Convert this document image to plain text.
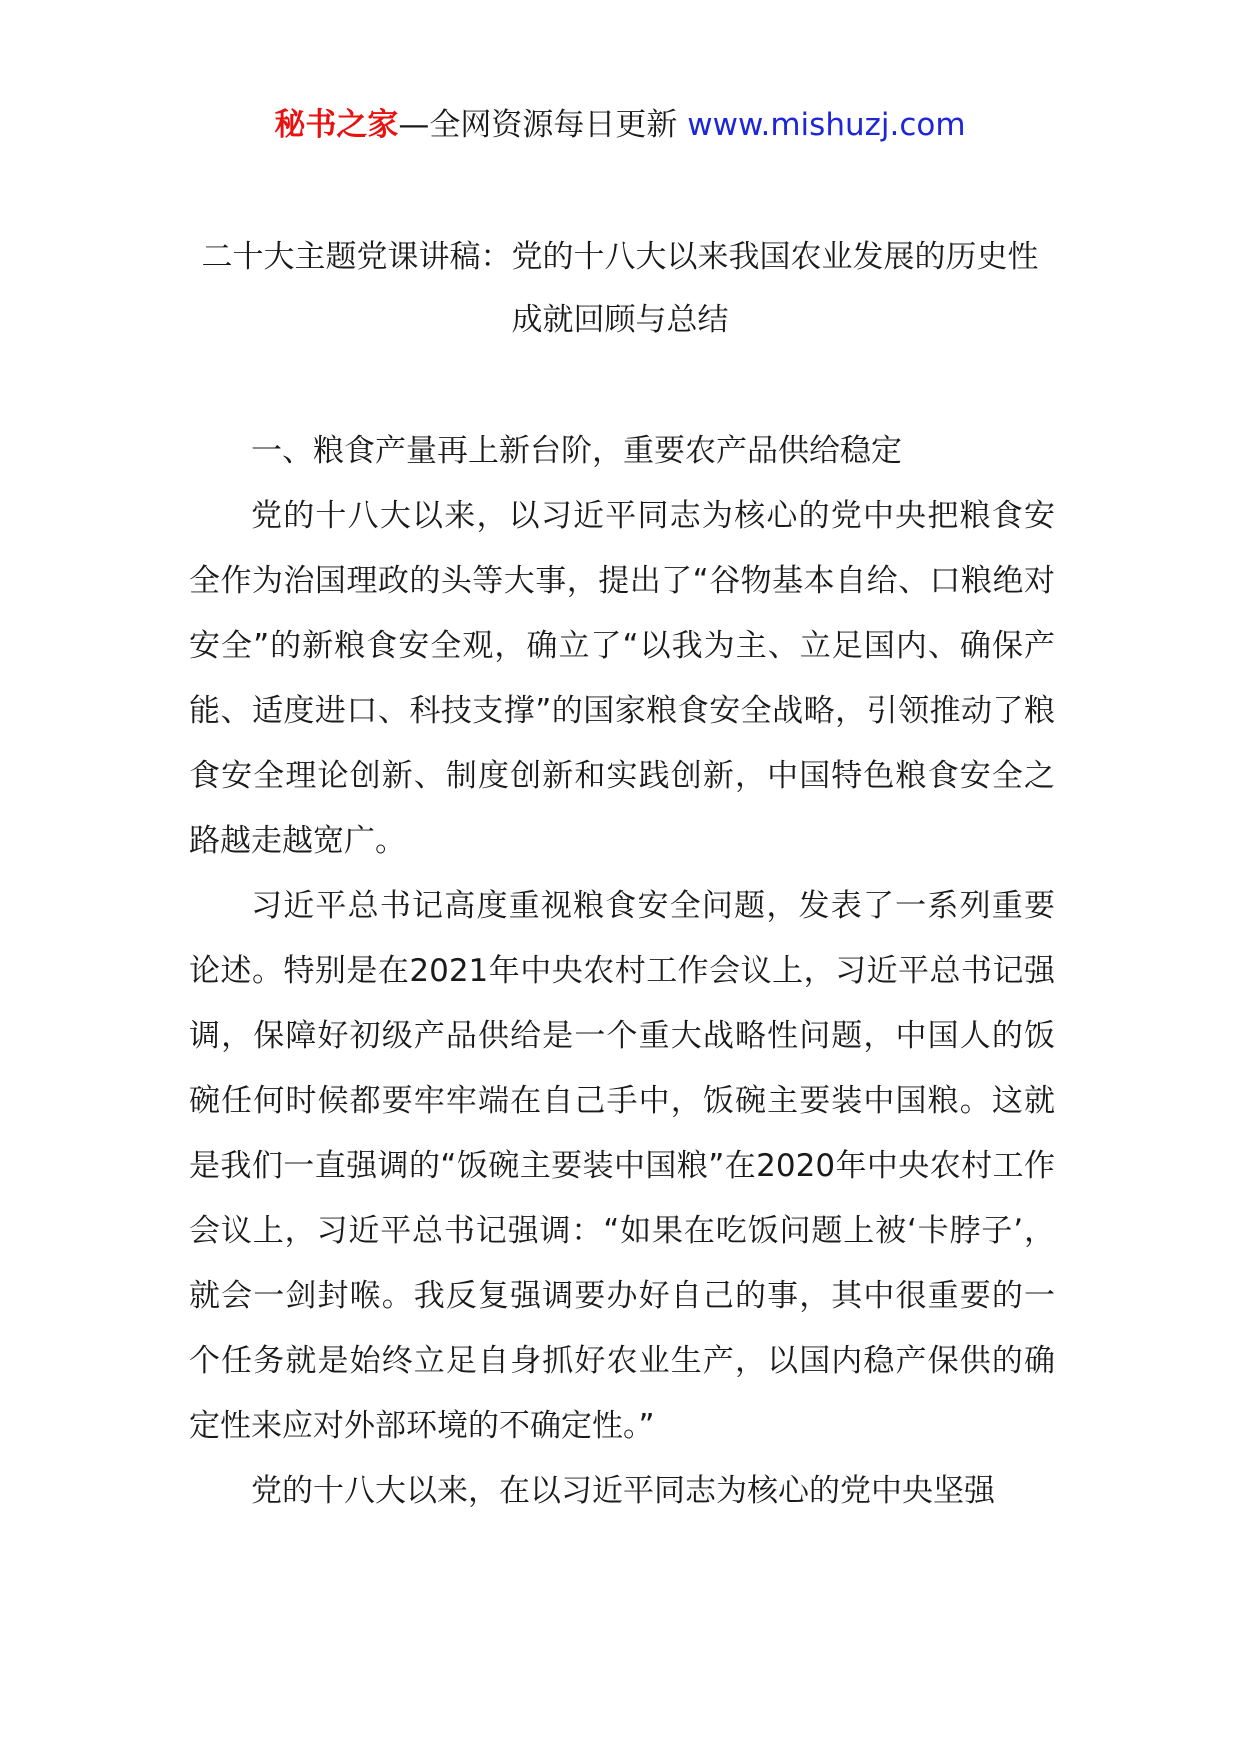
秘书之家—全网资源每日更新 www.mishuzj.com
二十大主题党课讲稿：党的十八大以来我国农业发展的历史性成就回顾与总结

一、粮食产量再上新台阶，重要农产品供给稳定

党的十八大以来，以习近平同志为核心的党中央把粮食安全作为治国理政的头等大事，提出了“谷物基本自给、口粮绝对安全”的新粮食安全观，确立了“以我为主、立足国内、确保产能、适度进口、科技支撑”的国家粮食安全战略，引领推动了粮食安全理论创新、制度创新和实践创新，中国特色粮食安全之路越走越宽广。

习近平总书记高度重视粮食安全问题，发表了一系列重要论述。特别是在2021年中央农村工作会议上，习近平总书记强调，保障好初级产品供给是一个重大战略性问题，中国人的饭碗任何时候都要牢牢端在自己手中，饭碗主要装中国粮。这就是我们一直强调的“饭碗主要装中国粮”在2020年中央农村工作会议上，习近平总书记强调：“如果在吃饭问题上被‘卡脖子’，就会一剑封喉。我反复强调要办好自己的事，其中很重要的一个任务就是始终立足自身抓好农业生产，以国内稳产保供的确定性来应对外部环境的不确定性。”

党的十八大以来，在以习近平同志为核心的党中央坚强
